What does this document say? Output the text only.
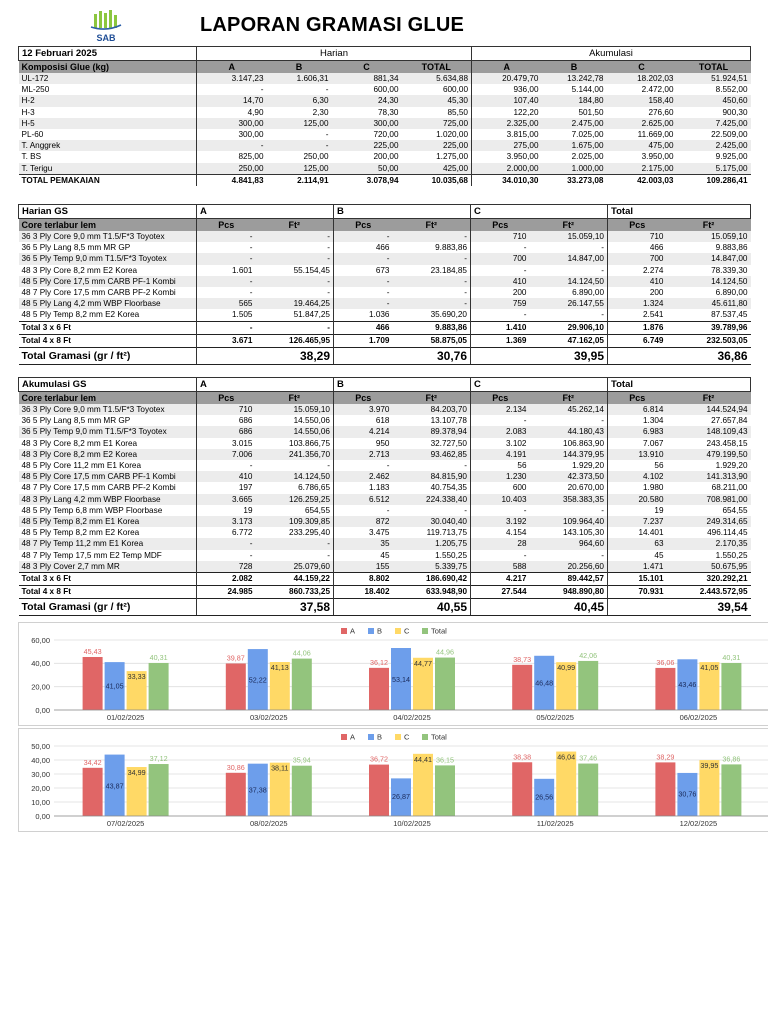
SAB
LAPORAN GRAMASI GLUE
12 Februari 2025	Harian				Akumulasi			
Komposisi Glue (kg)	A	B	C	TOTAL	A	B	C	TOTAL
UL-172	3.147,23	1.606,31	881,34	5.634,88	20.479,70	13.242,78	18.202,03	51.924,51
ML-250	-	-	600,00	600,00	936,00	5.144,00	2.472,00	8.552,00
H-2	14,70	6,30	24,30	45,30	107,40	184,80	158,40	450,60
H-3	4,90	2,30	78,30	85,50	122,20	501,50	276,60	900,30
H-5	300,00	125,00	300,00	725,00	2.325,00	2.475,00	2.625,00	7.425,00
PL-60	300,00	-	720,00	1.020,00	3.815,00	7.025,00	11.669,00	22.509,00
T. Anggrek	-	-	225,00	225,00	275,00	1.675,00	475,00	2.425,00
T. BS	825,00	250,00	200,00	1.275,00	3.950,00	2.025,00	3.950,00	9.925,00
T. Terigu	250,00	125,00	50,00	425,00	2.000,00	1.000,00	2.175,00	5.175,00
TOTAL PEMAKAIAN	4.841,83	2.114,91	3.078,94	10.035,68	34.010,30	33.273,08	42.003,03	109.286,41
Harian GS	A		B		C		Total	
Core terlabur lem	Pcs	Ft²	Pcs	Ft²	Pcs	Ft²	Pcs	Ft²
36 3 Ply Core 9,0 mm T1.5/F*3 Toyotex	-	-	-	-	710	15.059,10	710	15.059,10
36 5 Ply Lang 8,5 mm MR GP	-	-	466	9.883,86	-	-	466	9.883,86
36 5 Ply Temp 9,0 mm T1.5/F*3 Toyotex	-	-	-	-	700	14.847,00	700	14.847,00
48 3 Ply Core 8,2 mm E2 Korea	1.601	55.154,45	673	23.184,85	-	-	2.274	78.339,30
48 5 Ply Core 17,5 mm CARB PF-1 Kombi	-	-	-	-	410	14.124,50	410	14.124,50
48 7 Ply Core 17,5 mm CARB PF-2 Kombi	-	-	-	-	200	6.890,00	200	6.890,00
48 5 Ply Lang 4,2 mm WBP Floorbase	565	19.464,25	-	-	759	26.147,55	1.324	45.611,80
48 5 Ply Temp 8,2 mm E2 Korea	1.505	51.847,25	1.036	35.690,20	-	-	2.541	87.537,45
Total 3 x 6 Ft	-	-	466	9.883,86	1.410	29.906,10	1.876	39.789,96
Total 4 x 8 Ft	3.671	126.465,95	1.709	58.875,05	1.369	47.162,05	6.749	232.503,05
Total Gramasi (gr / ft²)	38,29		30,76		39,95		36,86	
Akumulasi GS	A		B		C		Total	
Core terlabur lem	Pcs	Ft²	Pcs	Ft²	Pcs	Ft²	Pcs	Ft²
36 3 Ply Core 9,0 mm T1.5/F*3 Toyotex	710	15.059,10	3.970	84.203,70	2.134	45.262,14	6.814	144.524,94
36 5 Ply Lang 8,5 mm MR GP	686	14.550,06	618	13.107,78	-	-	1.304	27.657,84
36 5 Ply Temp 9,0 mm T1.5/F*3 Toyotex	686	14.550,06	4.214	89.378,94	2.083	44.180,43	6.983	148.109,43
48 3 Ply Core 8,2 mm E1 Korea	3.015	103.866,75	950	32.727,50	3.102	106.863,90	7.067	243.458,15
48 3 Ply Core 8,2 mm E2 Korea	7.006	241.356,70	2.713	93.462,85	4.191	144.379,95	13.910	479.199,50
48 5 Ply Core 11,2 mm E1 Korea	-	-	-	-	56	1.929,20	56	1.929,20
48 5 Ply Core 17,5 mm CARB PF-1 Kombi	410	14.124,50	2.462	84.815,90	1.230	42.373,50	4.102	141.313,90
48 7 Ply Core 17,5 mm CARB PF-2 Kombi	197	6.786,65	1.183	40.754,35	600	20.670,00	1.980	68.211,00
48 3 Ply Lang 4,2 mm WBP Floorbase	3.665	126.259,25	6.512	224.338,40	10.403	358.383,35	20.580	708.981,00
48 5 Ply Temp 6,8 mm WBP Floorbase	19	654,55	-	-	-	-	19	654,55
48 5 Ply Temp 8,2 mm E1 Korea	3.173	109.309,85	872	30.040,40	3.192	109.964,40	7.237	249.314,65
48 5 Ply Temp 8,2 mm E2 Korea	6.772	233.295,40	3.475	119.713,75	4.154	143.105,30	14.401	496.114,45
48 7 Ply Temp 11,2 mm E1 Korea	-	-	35	1.205,75	28	964,60	63	2.170,35
48 7 Ply Temp 17,5 mm E2 Temp MDF	-	-	45	1.550,25	-	-	45	1.550,25
48 3 Ply Cover 2,7 mm MR	728	25.079,60	155	5.339,75	588	20.256,60	1.471	50.675,95
Total 3 x 6 Ft	2.082	44.159,22	8.802	186.690,42	4.217	89.442,57	15.101	320.292,21
Total 4 x 8 Ft	24.985	860.733,25	18.402	633.948,90	27.544	948.890,80	70.931	2.443.572,95
Total Gramasi (gr / ft²)	37,58		40,55		40,45		39,54	
0,00
20,00
40,00
60,00
A	B	C	Total
45,43
41,05
33,33
40,31
01/02/2025
39,87
52,22
41,13
44,06
03/02/2025
36,12
53,14
44,77
44,96
04/02/2025
38,73
46,48
40,99
42,06
05/02/2025
36,06
43,46
41,05
40,31
06/02/2025
0,00
10,00
20,00
30,00
40,00
50,00
A	B	C	Total
34,42
43,87
34,99
37,12
07/02/2025
30,86
37,38
38,11
35,94
08/02/2025
36,72
26,87
44,41 36,15
10/02/2025
38,38
26,56
46,04 37,46
11/02/2025
38,29
30,76
39,95
36,86
12/02/2025
